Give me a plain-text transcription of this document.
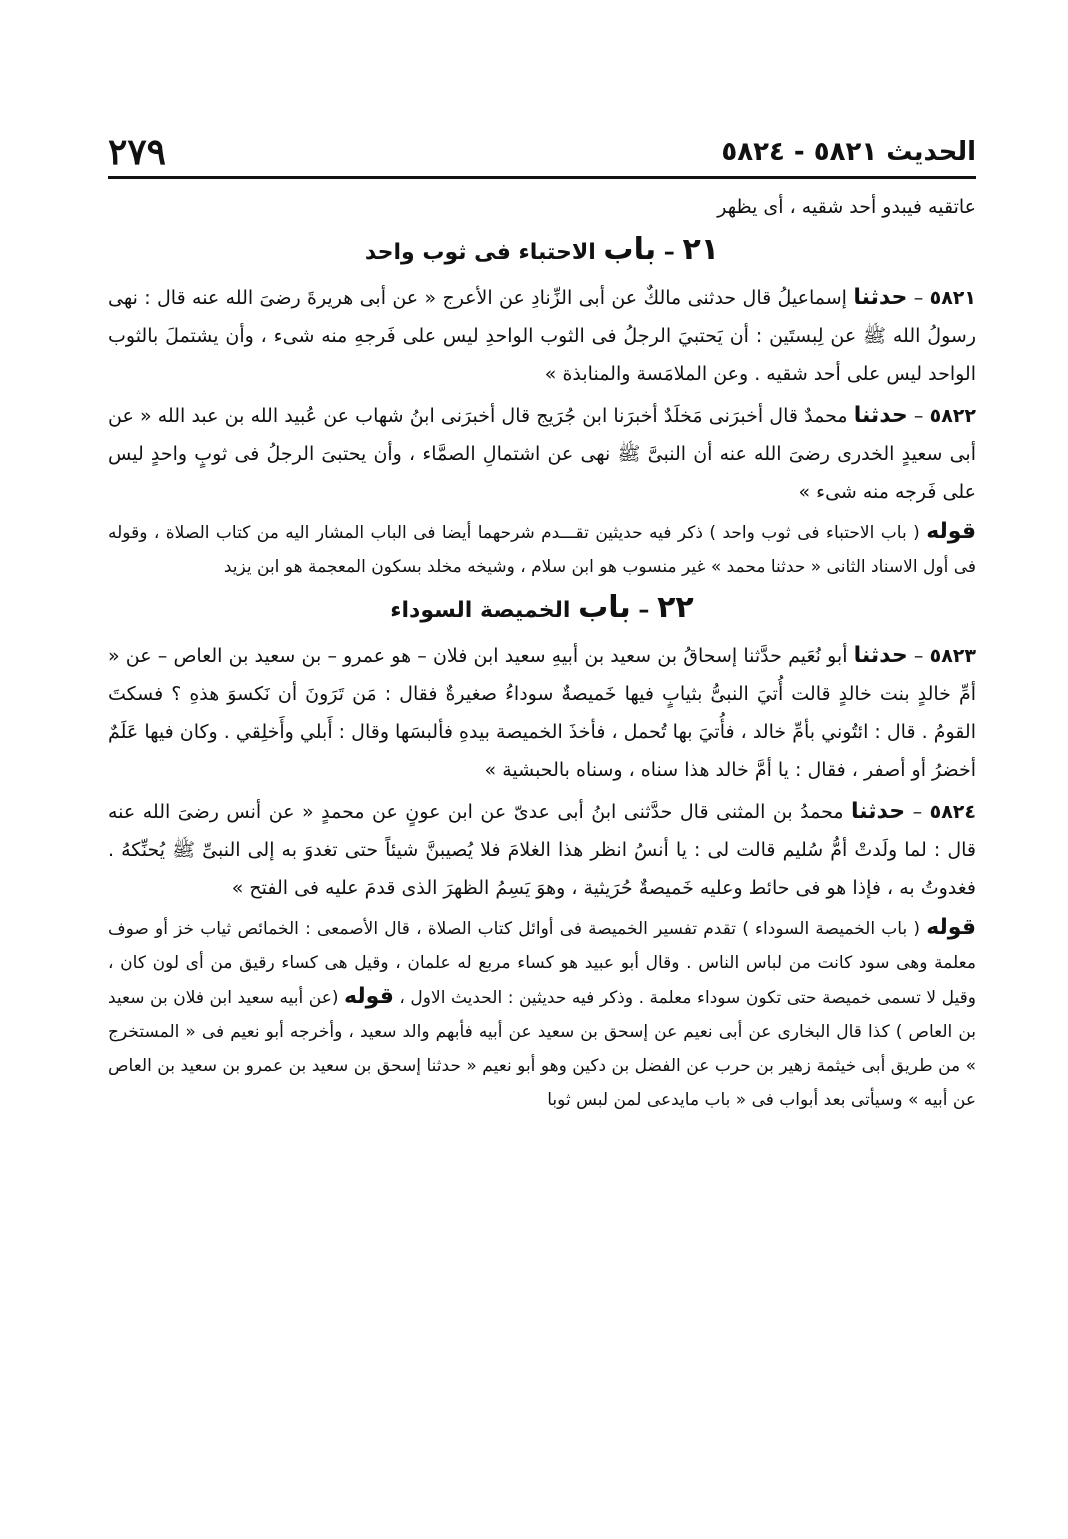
٢٧٩	الحديث ٥٨٢١ - ٥٨٢٤

عاتقيه فيبدو أحد شقيه ، أى يظهر

٢١ – باب الاحتباء فى ثوب واحد

٥٨٢١ – حدثنا إسماعيلُ قال حدثنى مالكٌ عن أبى الزِّنادِ عن الأعرج « عن أبى هريرةَ رضىَ الله عنه قال : نهى رسولُ الله ﷺ عن لِبستَين : أن يَحتبيَ الرجلُ فى الثوب الواحدِ ليس على فَرجهِ منه شىء ، وأن يشتملَ بالثوب الواحد ليس على أحد شقيه . وعن الملامَسة والمنابذة »

٥٨٢٢ – حدثنا محمدٌ قال أخبرَنى مَخلَدٌ أخبرَنا ابن جُرَيج قال أخبرَنى ابنُ شهاب عن عُبيد الله بن عبد الله « عن أبى سعيدٍ الخدرى رضىَ الله عنه أن النبىَّ ﷺ نهى عن اشتمالِ الصمَّاء ، وأن يحتبىَ الرجلُ فى ثوبٍ واحدٍ ليس على فَرجه منه شىء »

قوله ( باب الاحتباء فى ثوب واحد ) ذكر فيه حديثين تقـــدم شرحهما أيضا فى الباب المشار اليه من كتاب الصلاة ، وقوله فى أول الاسناد الثانى « حدثنا محمد » غير منسوب هو ابن سلام ، وشيخه مخلد بسكون المعجمة هو ابن يزيد

٢٢ – باب الخميصة السوداء

٥٨٢٣ – حدثنا أبو نُعَيم حدَّثنا إسحاقُ بن سعيد بن أبيهِ سعيد ابن فلان – هو عمرو – بن سعيد بن العاص – عن « أمِّ خالدٍ بنت خالدٍ قالت أُتيَ النبىُّ بثيابٍ فيها خَميصةٌ سوداءُ صغيرةٌ فقال : مَن تَرَونَ أن نَكسوَ هذهِ ؟ فسكتَ القومُ . قال : ائتُوني بأمِّ خالد ، فأُتيَ بها تُحمل ، فأخذَ الخميصة بيدهِ فألبسَها وقال : أَبلي وأَخلِقي . وكان فيها عَلَمٌ أخضرُ أو أصفر ، فقال : يا أمَّ خالد هذا سناه ، وسناه بالحبشية »

٥٨٢٤ – حدثنا محمدُ بن المثنى قال حدَّثنى ابنُ أبى عدىّ عن ابن عونٍ عن محمدٍ « عن أنس رضىَ الله عنه قال : لما ولَدتْ أمُّ سُليم قالت لى : يا أنسُ انظر هذا الغلامَ فلا يُصيبنَّ شيئاً حتى تغدوَ به إلى النبىِّ ﷺ يُحنِّكهُ . فغدوتُ به ، فإذا هو فى حائط وعليه خَميصةٌ حُرَيثية ، وهوَ يَسِمُ الظهرَ الذى قدمَ عليه فى الفتح »

قوله ( باب الخميصة السوداء ) تقدم تفسير الخميصة فى أوائل كتاب الصلاة ، قال الأصمعى : الخمائص ثياب خز أو صوف معلمة وهى سود كانت من لباس الناس . وقال أبو عبيد هو كساء مربع له علمان ، وقيل هى كساء رقيق من أى لون كان ، وقيل لا تسمى خميصة حتى تكون سوداء معلمة . وذكر فيه حديثين : الحديث الاول ، قوله (عن أبيه سعيد ابن فلان بن سعيد بن العاص ) كذا قال البخارى عن أبى نعيم عن إسحق بن سعيد عن أبيه فأبهم والد سعيد ، وأخرجه أبو نعيم فى « المستخرج » من طريق أبى خيثمة زهير بن حرب عن الفضل بن دكين وهو أبو نعيم « حدثنا إسحق بن سعيد بن عمرو بن سعيد بن العاص عن أبيه » وسيأتى بعد أبواب فى « باب مايدعى لمن لبس ثوبا
